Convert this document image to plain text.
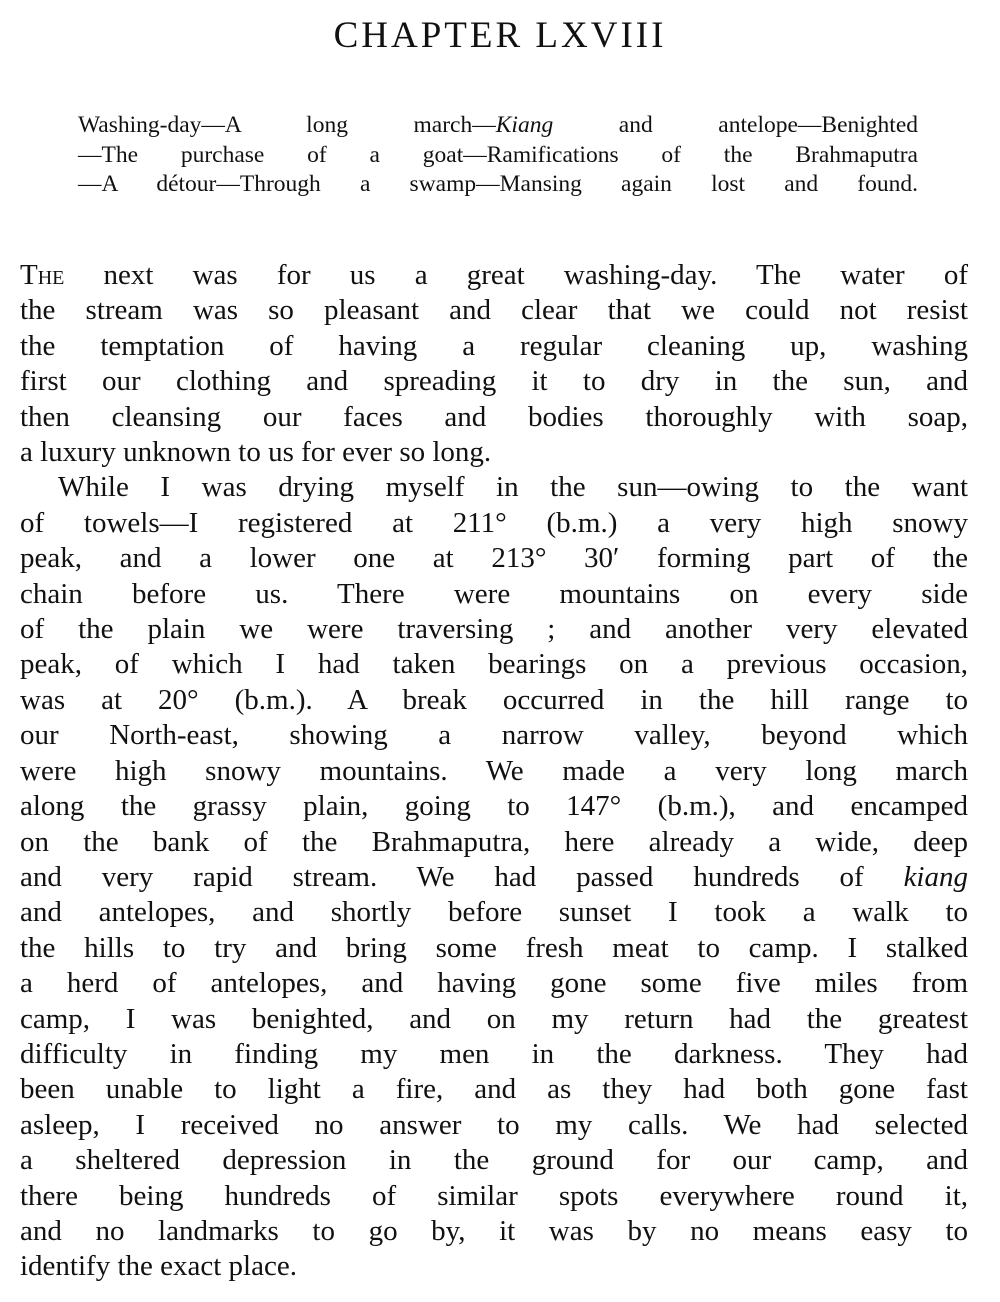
CHAPTER LXVIII
Washing-day—A long march—Kiang and antelope—Benighted
—The purchase of a goat—Ramifications of the Brahmaputra
—A détour—Through a swamp—Mansing again lost and found.
The next was for us a great washing-day. The water of
the stream was so pleasant and clear that we could not resist
the temptation of having a regular cleaning up, washing
first our clothing and spreading it to dry in the sun, and
then cleansing our faces and bodies thoroughly with soap,
a luxury unknown to us for ever so long.
While I was drying myself in the sun—owing to the want
of towels—I registered at 211° (b.m.) a very high snowy
peak, and a lower one at 213° 30′ forming part of the
chain before us. There were mountains on every side
of the plain we were traversing ; and another very elevated
peak, of which I had taken bearings on a previous occasion,
was at 20° (b.m.). A break occurred in the hill range to
our North-east, showing a narrow valley, beyond which
were high snowy mountains. We made a very long march
along the grassy plain, going to 147° (b.m.), and encamped
on the bank of the Brahmaputra, here already a wide, deep
and very rapid stream. We had passed hundreds of kiang
and antelopes, and shortly before sunset I took a walk to
the hills to try and bring some fresh meat to camp. I stalked
a herd of antelopes, and having gone some five miles from
camp, I was benighted, and on my return had the greatest
difficulty in finding my men in the darkness. They had
been unable to light a fire, and as they had both gone fast
asleep, I received no answer to my calls. We had selected
a sheltered depression in the ground for our camp, and
there being hundreds of similar spots everywhere round it,
and no landmarks to go by, it was by no means easy to
identify the exact place.
